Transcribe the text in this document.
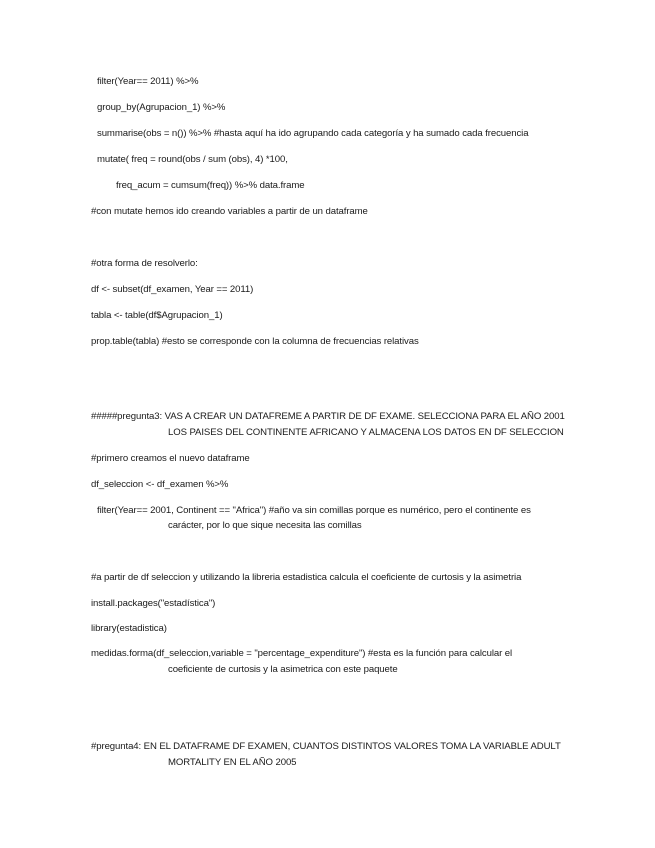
filter(Year== 2011) %>%
group_by(Agrupacion_1) %>%
summarise(obs = n()) %>% #hasta aquí ha ido agrupando cada categoría y ha sumado cada frecuencia
mutate( freq = round(obs / sum (obs), 4) *100,
freq_acum = cumsum(freq)) %>% data.frame
#con mutate hemos ido creando variables a partir de un dataframe
#otra forma de resolverlo:
df <- subset(df_examen, Year == 2011)
tabla <- table(df$Agrupacion_1)
prop.table(tabla) #esto se corresponde con la columna de frecuencias relativas
#####pregunta3: VAS A CREAR UN DATAFREME A PARTIR DE DF EXAME. SELECCIONA PARA EL AÑO 2001
LOS PAISES DEL CONTINENTE AFRICANO Y ALMACENA LOS DATOS EN DF SELECCION
#primero creamos el nuevo dataframe
df_seleccion <- df_examen %>%
filter(Year== 2001, Continent == "Africa") #año va sin comillas porque es numérico, pero el continente es
carácter, por lo que sique necesita las comillas
#a partir de df seleccion y utilizando la libreria estadistica calcula el coeficiente de curtosis y la asimetria
install.packages("estadística")
library(estadistica)
medidas.forma(df_seleccion,variable = "percentage_expenditure") #esta es la función para calcular el
coeficiente de curtosis y la asimetrica con este paquete
#pregunta4: EN EL DATAFRAME DF EXAMEN, CUANTOS DISTINTOS VALORES TOMA LA VARIABLE ADULT
MORTALITY EN EL AÑO 2005
